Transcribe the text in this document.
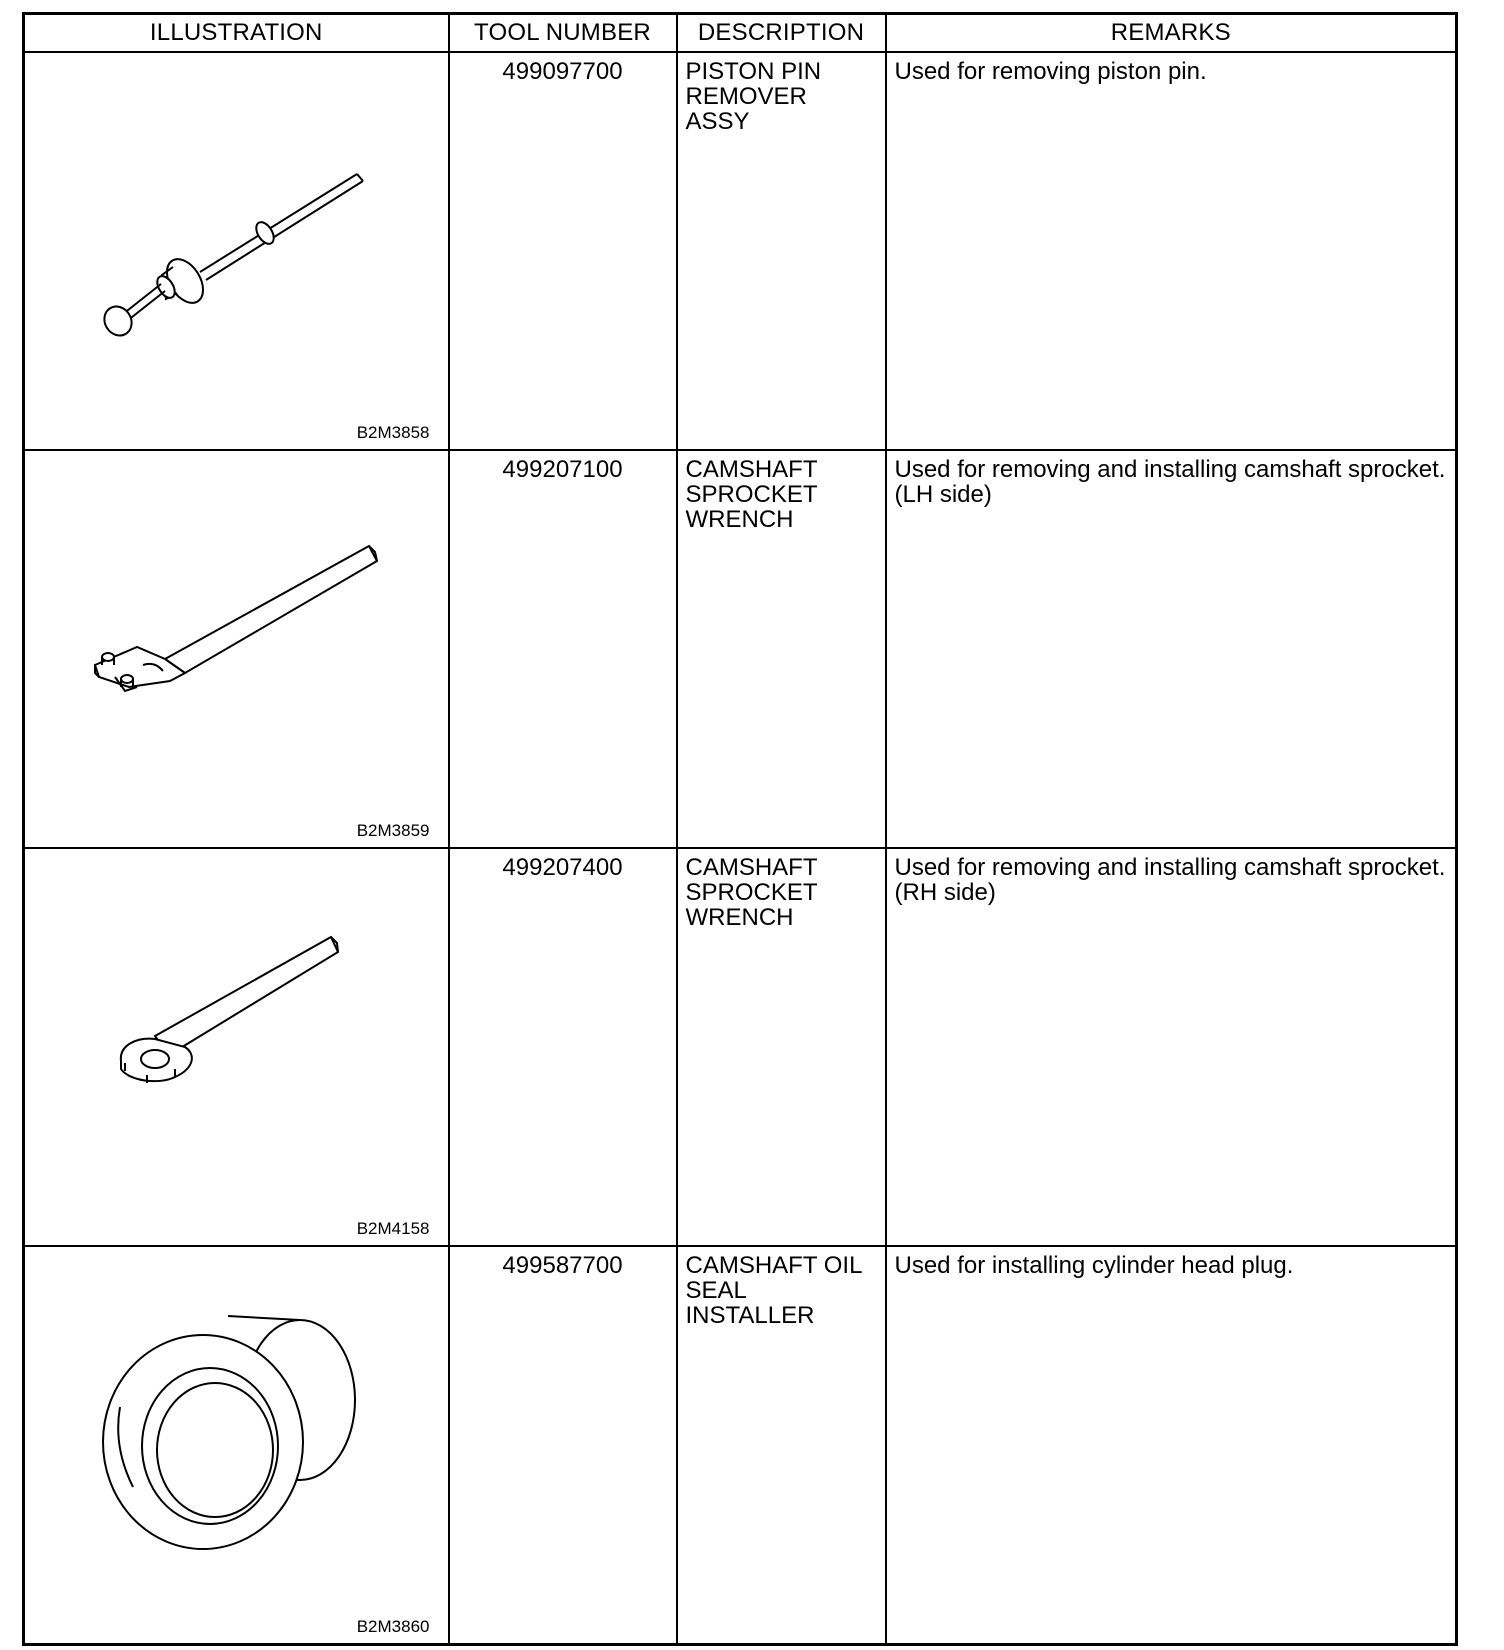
ILLUSTRATION	TOOL NUMBER	DESCRIPTION	REMARKS

B2M3858	499097700	PISTON PIN
REMOVER
ASSY	Used for removing piston pin.

B2M3859	499207100	CAMSHAFT
SPROCKET
WRENCH	Used for removing and installing camshaft sprocket. (LH side)

B2M4158	499207400	CAMSHAFT
SPROCKET
WRENCH	Used for removing and installing camshaft sprocket. (RH side)

B2M3860	499587700	CAMSHAFT OIL
SEAL
INSTALLER	Used for installing cylinder head plug.
